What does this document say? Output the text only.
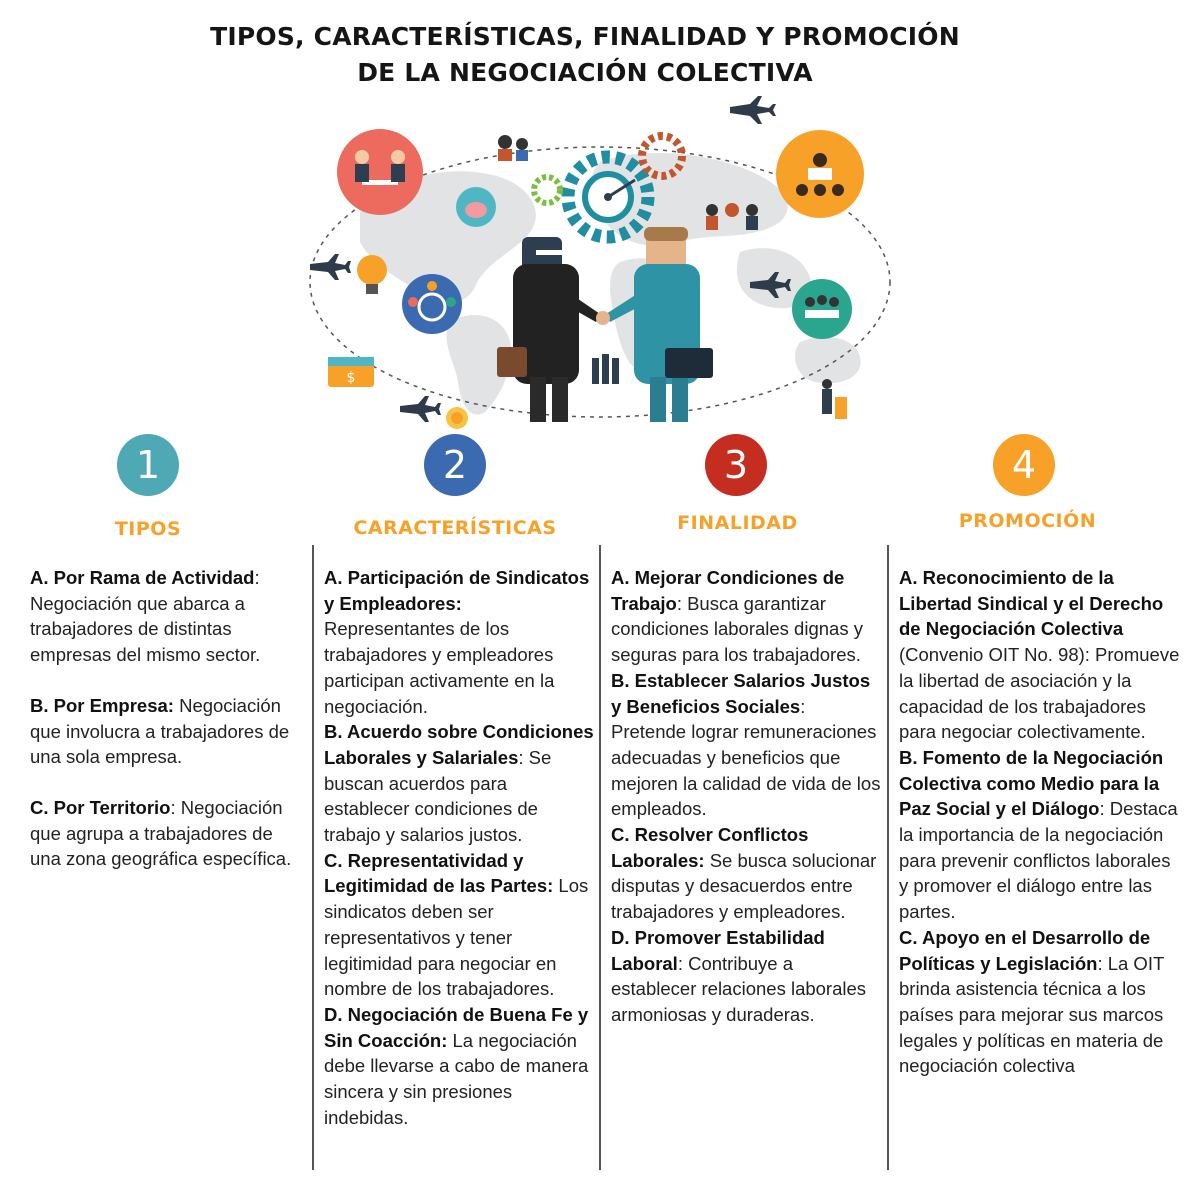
TIPOS, CARACTERÍSTICAS, FINALIDAD Y PROMOCIÓN
DE LA NEGOCIACIÓN COLECTIVA
$
1	2	3	4
TIPOS	CARACTERÍSTICAS	FINALIDAD	PROMOCIÓN

A. Por Rama de Actividad: Negociación que abarca a trabajadores de distintas empresas del mismo sector.

B. Por Empresa: Negociación que involucra a trabajadores de una sola empresa.

C. Por Territorio: Negociación que agrupa a trabajadores de una zona geográfica específica.

A. Participación de Sindicatos y Empleadores: Representantes de los trabajadores y empleadores participan activamente en la negociación.

B. Acuerdo sobre Condiciones Laborales y Salariales: Se buscan acuerdos para establecer condiciones de trabajo y salarios justos.

C. Representatividad y Legitimidad de las Partes: Los sindicatos deben ser representativos y tener legitimidad para negociar en nombre de los trabajadores.

D. Negociación de Buena Fe y Sin Coacción: La negociación debe llevarse a cabo de manera sincera y sin presiones indebidas.

A. Mejorar Condiciones de Trabajo: Busca garantizar condiciones laborales dignas y seguras para los trabajadores.

B. Establecer Salarios Justos y Beneficios Sociales: Pretende lograr remuneraciones adecuadas y beneficios que mejoren la calidad de vida de los empleados.

C. Resolver Conflictos Laborales: Se busca solucionar disputas y desacuerdos entre trabajadores y empleadores.

D. Promover Estabilidad Laboral: Contribuye a establecer relaciones laborales armoniosas y duraderas.

A. Reconocimiento de la Libertad Sindical y el Derecho de Negociación Colectiva (Convenio OIT No. 98): Promueve la libertad de asociación y la capacidad de los trabajadores para negociar colectivamente.

B. Fomento de la Negociación Colectiva como Medio para la Paz Social y el Diálogo: Destaca la importancia de la negociación para prevenir conflictos laborales y promover el diálogo entre las partes.

C. Apoyo en el Desarrollo de Políticas y Legislación: La OIT brinda asistencia técnica a los países para mejorar sus marcos legales y políticas en materia de negociación colectiva
